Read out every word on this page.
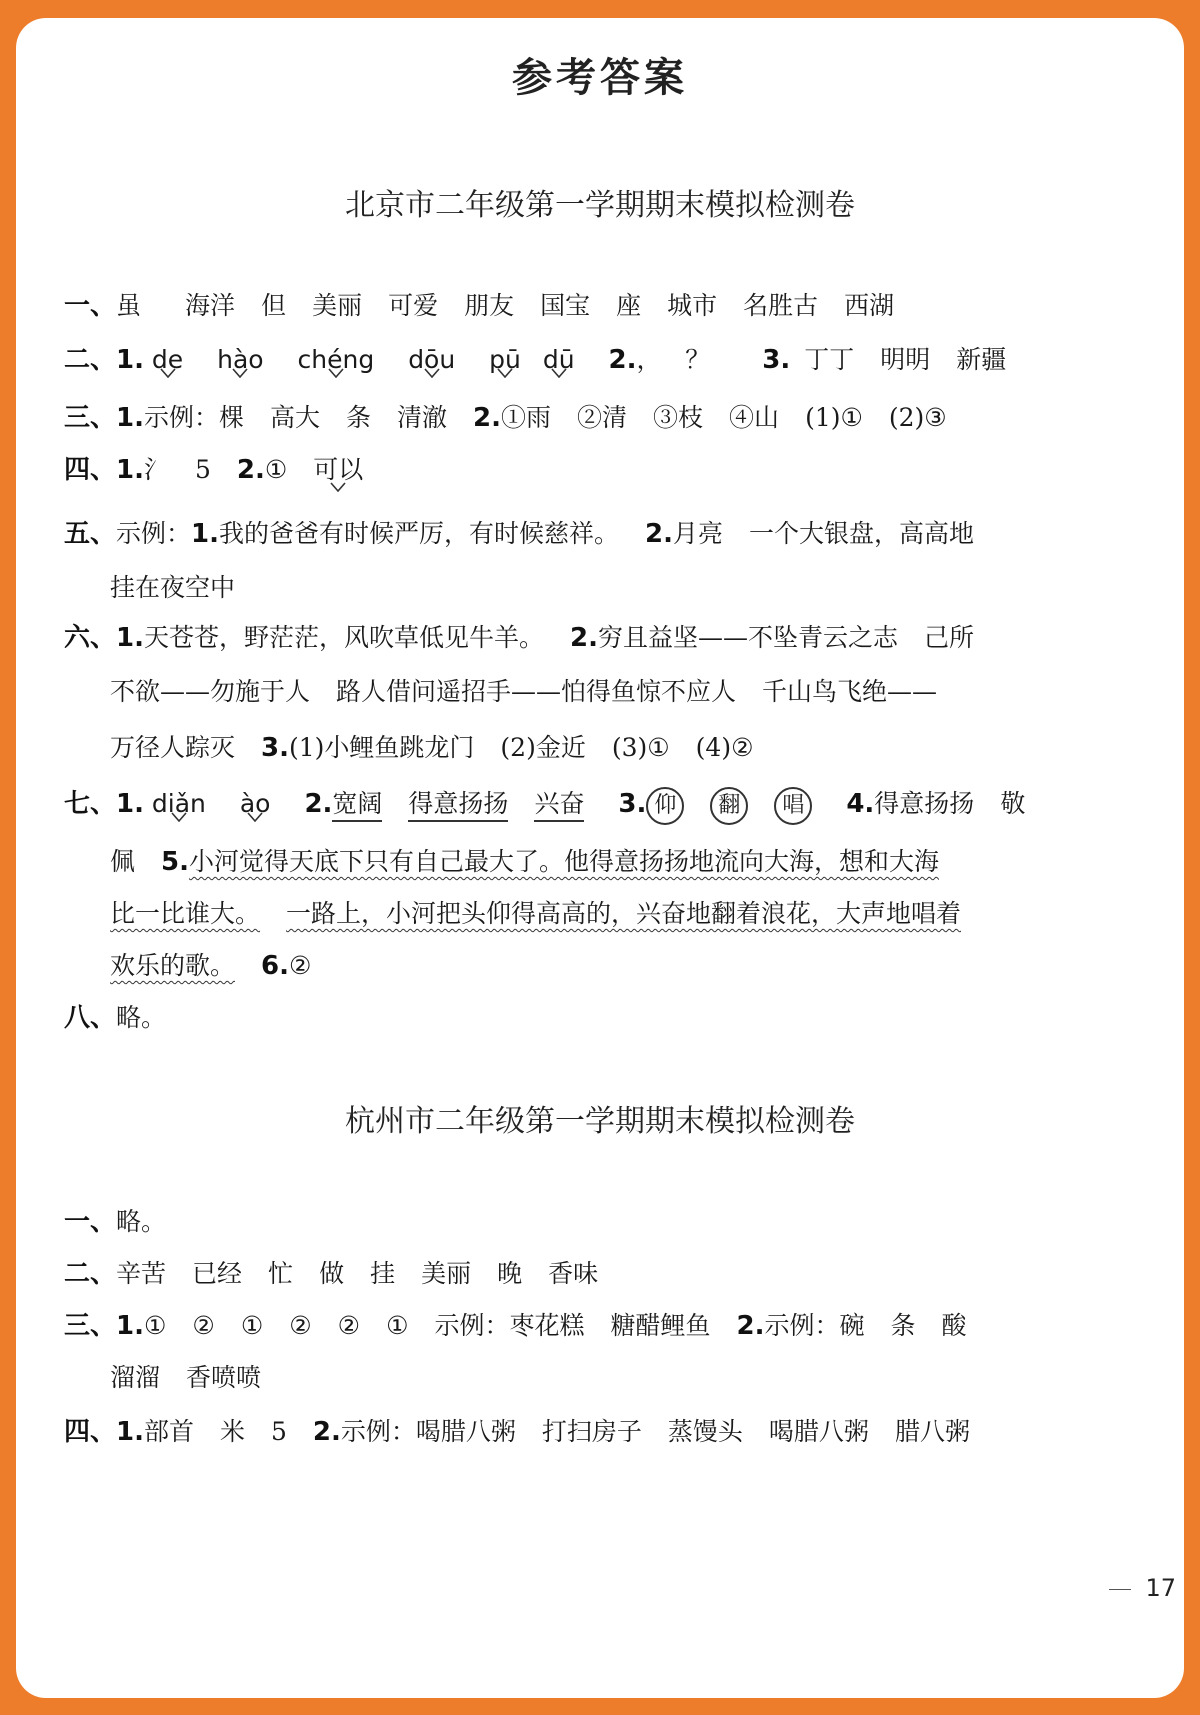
参考答案
北京市二年级第一学期期末模拟检测卷
一、虽 海洋 但 美丽 可爱 朋友 国宝 座 城市 名胜古 西湖
二、1. de hào chéng dōu pū dū 2.，   ？ 3. 丁丁 明明 新疆
三、1.示例：棵 高大 条 清澈 2.①雨 ②清 ③枝 ④山 (1)① (2)③
四、1.氵 5 2.① 可以
五、示例：1.我的爸爸有时候严厉，有时候慈祥。 2.月亮 一个大银盘，高高地
挂在夜空中
六、1.天苍苍，野茫茫，风吹草低见牛羊。 2.穷且益坚——不坠青云之志 己所
不欲——勿施于人 路人借问遥招手——怕得鱼惊不应人 千山鸟飞绝——
万径人踪灭 3.(1)小鲤鱼跳龙门 (2)金近 (3)① (4)②
七、1. diǎn ào 2.宽阔 得意扬扬 兴奋 3. 仰 翻 唱 4.得意扬扬 敬
佩 5.小河觉得天底下只有自己最大了。他得意扬扬地流向大海，想和大海
比一比谁大。 一路上，小河把头仰得高高的，兴奋地翻着浪花，大声地唱着
欢乐的歌。 6.②
八、略。
杭州市二年级第一学期期末模拟检测卷
一、略。
二、辛苦 已经 忙 做 挂 美丽 晚 香味
三、1.① ② ① ② ② ① 示例：枣花糕 糖醋鲤鱼 2.示例：碗 条 酸
溜溜 香喷喷
四、1.部首 米 5 2.示例：喝腊八粥 打扫房子 蒸馒头 喝腊八粥 腊八粥
17
